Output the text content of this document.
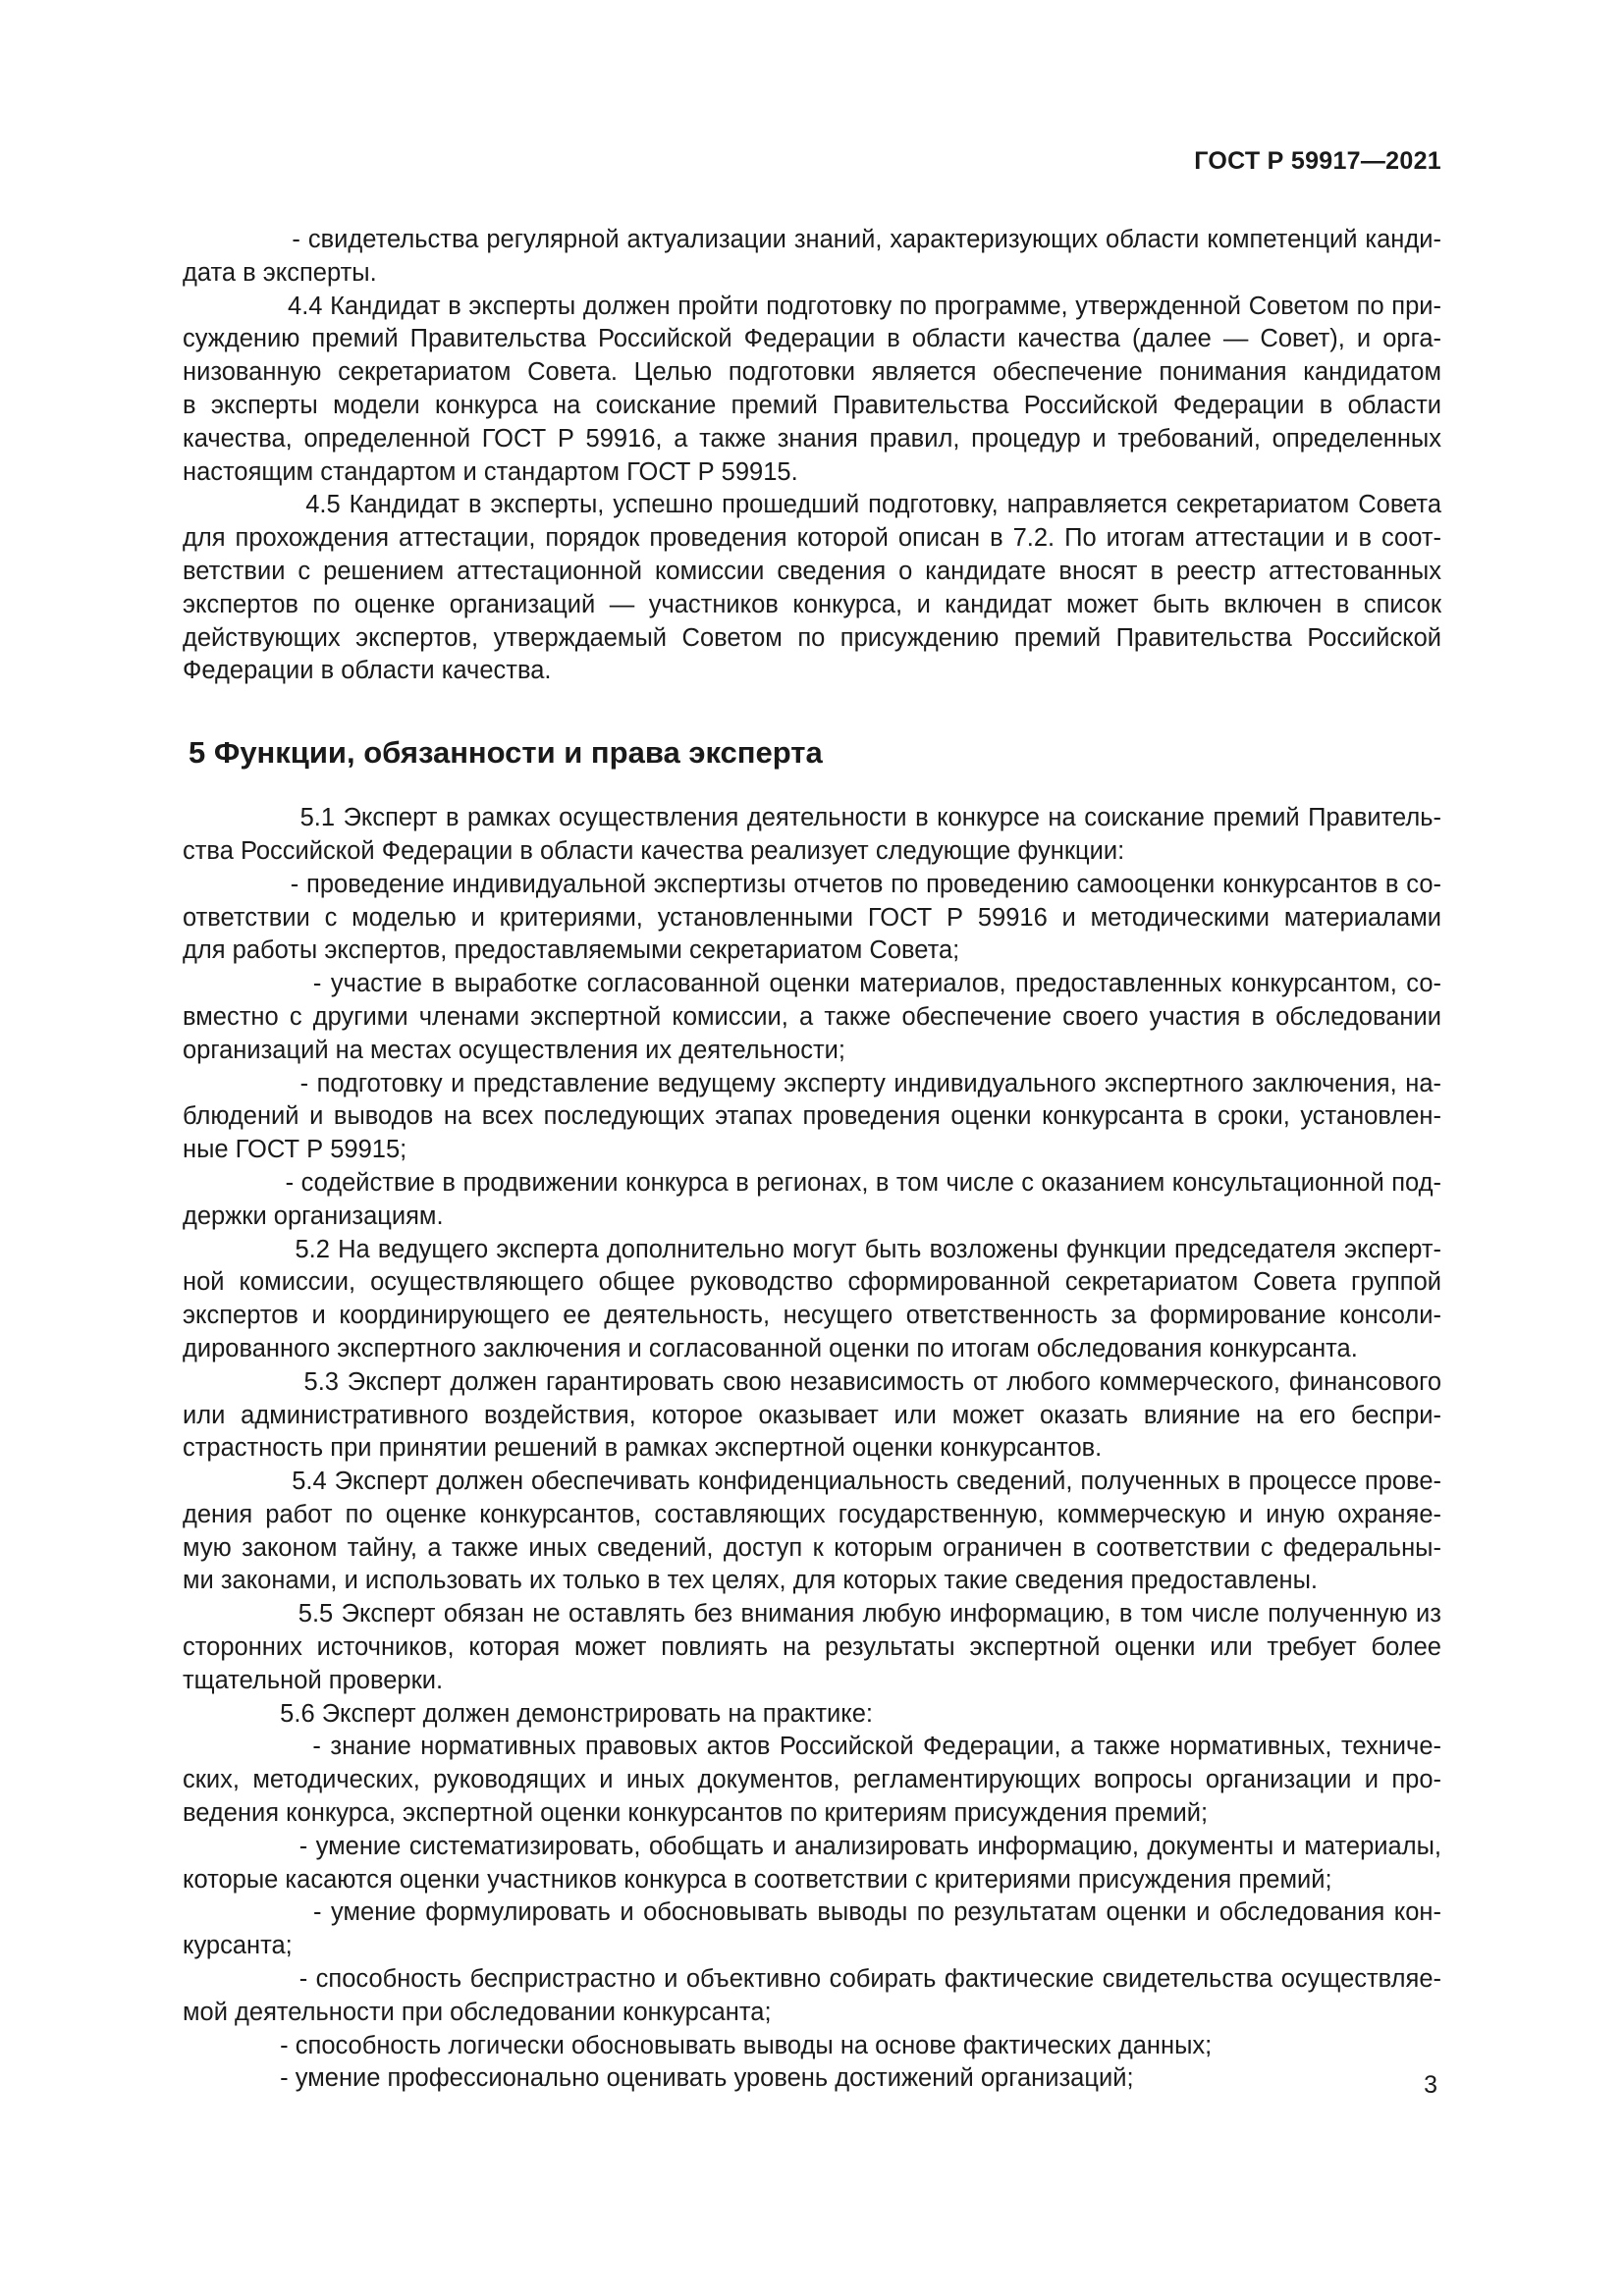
ГОСТ Р 59917—2021
- свидетельства регулярной актуализации знаний, характеризующих области компетенций канди-
дата в эксперты.
4.4 Кандидат в эксперты должен пройти подготовку по программе, утвержденной Советом по при-
суждению премий Правительства Российской Федерации в области качества (далее — Совет), и орга-
низованную секретариатом Совета. Целью подготовки является обеспечение понимания кандидатом
в эксперты модели конкурса на соискание премий Правительства Российской Федерации в области
качества, определенной ГОСТ Р 59916, а также знания правил, процедур и требований, определенных
настоящим стандартом и стандартом ГОСТ Р 59915.
4.5 Кандидат в эксперты, успешно прошедший подготовку, направляется секретариатом Совета
для прохождения аттестации, порядок проведения которой описан в 7.2. По итогам аттестации и в соот-
ветствии с решением аттестационной комиссии сведения о кандидате вносят в реестр аттестованных
экспертов по оценке организаций — участников конкурса, и кандидат может быть включен в список
действующих экспертов, утверждаемый Советом по присуждению премий Правительства Российской
Федерации в области качества.
5 Функции, обязанности и права эксперта
5.1 Эксперт в рамках осуществления деятельности в конкурсе на соискание премий Правитель-
ства Российской Федерации в области качества реализует следующие функции:
- проведение индивидуальной экспертизы отчетов по проведению самооценки конкурсантов в со-
ответствии с моделью и критериями, установленными ГОСТ Р 59916 и методическими материалами
для работы экспертов, предоставляемыми секретариатом Совета;
- участие в выработке согласованной оценки материалов, предоставленных конкурсантом, со-
вместно с другими членами экспертной комиссии, а также обеспечение своего участия в обследовании
организаций на местах осуществления их деятельности;
- подготовку и представление ведущему эксперту индивидуального экспертного заключения, на-
блюдений и выводов на всех последующих этапах проведения оценки конкурсанта в сроки, установлен-
ные ГОСТ Р 59915;
- содействие в продвижении конкурса в регионах, в том числе с оказанием консультационной под-
держки организациям.
5.2 На ведущего эксперта дополнительно могут быть возложены функции председателя эксперт-
ной комиссии, осуществляющего общее руководство сформированной секретариатом Совета группой
экспертов и координирующего ее деятельность, несущего ответственность за формирование консоли-
дированного экспертного заключения и согласованной оценки по итогам обследования конкурсанта.
5.3 Эксперт должен гарантировать свою независимость от любого коммерческого, финансового
или административного воздействия, которое оказывает или может оказать влияние на его беспри-
страстность при принятии решений в рамках экспертной оценки конкурсантов.
5.4 Эксперт должен обеспечивать конфиденциальность сведений, полученных в процессе прове-
дения работ по оценке конкурсантов, составляющих государственную, коммерческую и иную охраняе-
мую законом тайну, а также иных сведений, доступ к которым ограничен в соответствии с федеральны-
ми законами, и использовать их только в тех целях, для которых такие сведения предоставлены.
5.5 Эксперт обязан не оставлять без внимания любую информацию, в том числе полученную из
сторонних источников, которая может повлиять на результаты экспертной оценки или требует более
тщательной проверки.
5.6 Эксперт должен демонстрировать на практике:
- знание нормативных правовых актов Российской Федерации, а также нормативных, техниче-
ских, методических, руководящих и иных документов, регламентирующих вопросы организации и про-
ведения конкурса, экспертной оценки конкурсантов по критериям присуждения премий;
- умение систематизировать, обобщать и анализировать информацию, документы и материалы,
которые касаются оценки участников конкурса в соответствии с критериями присуждения премий;
- умение формулировать и обосновывать выводы по результатам оценки и обследования кон-
курсанта;
- способность беспристрастно и объективно собирать фактические свидетельства осуществляе-
мой деятельности при обследовании конкурсанта;
- способность логически обосновывать выводы на основе фактических данных;
- умение профессионально оценивать уровень достижений организаций;	3
